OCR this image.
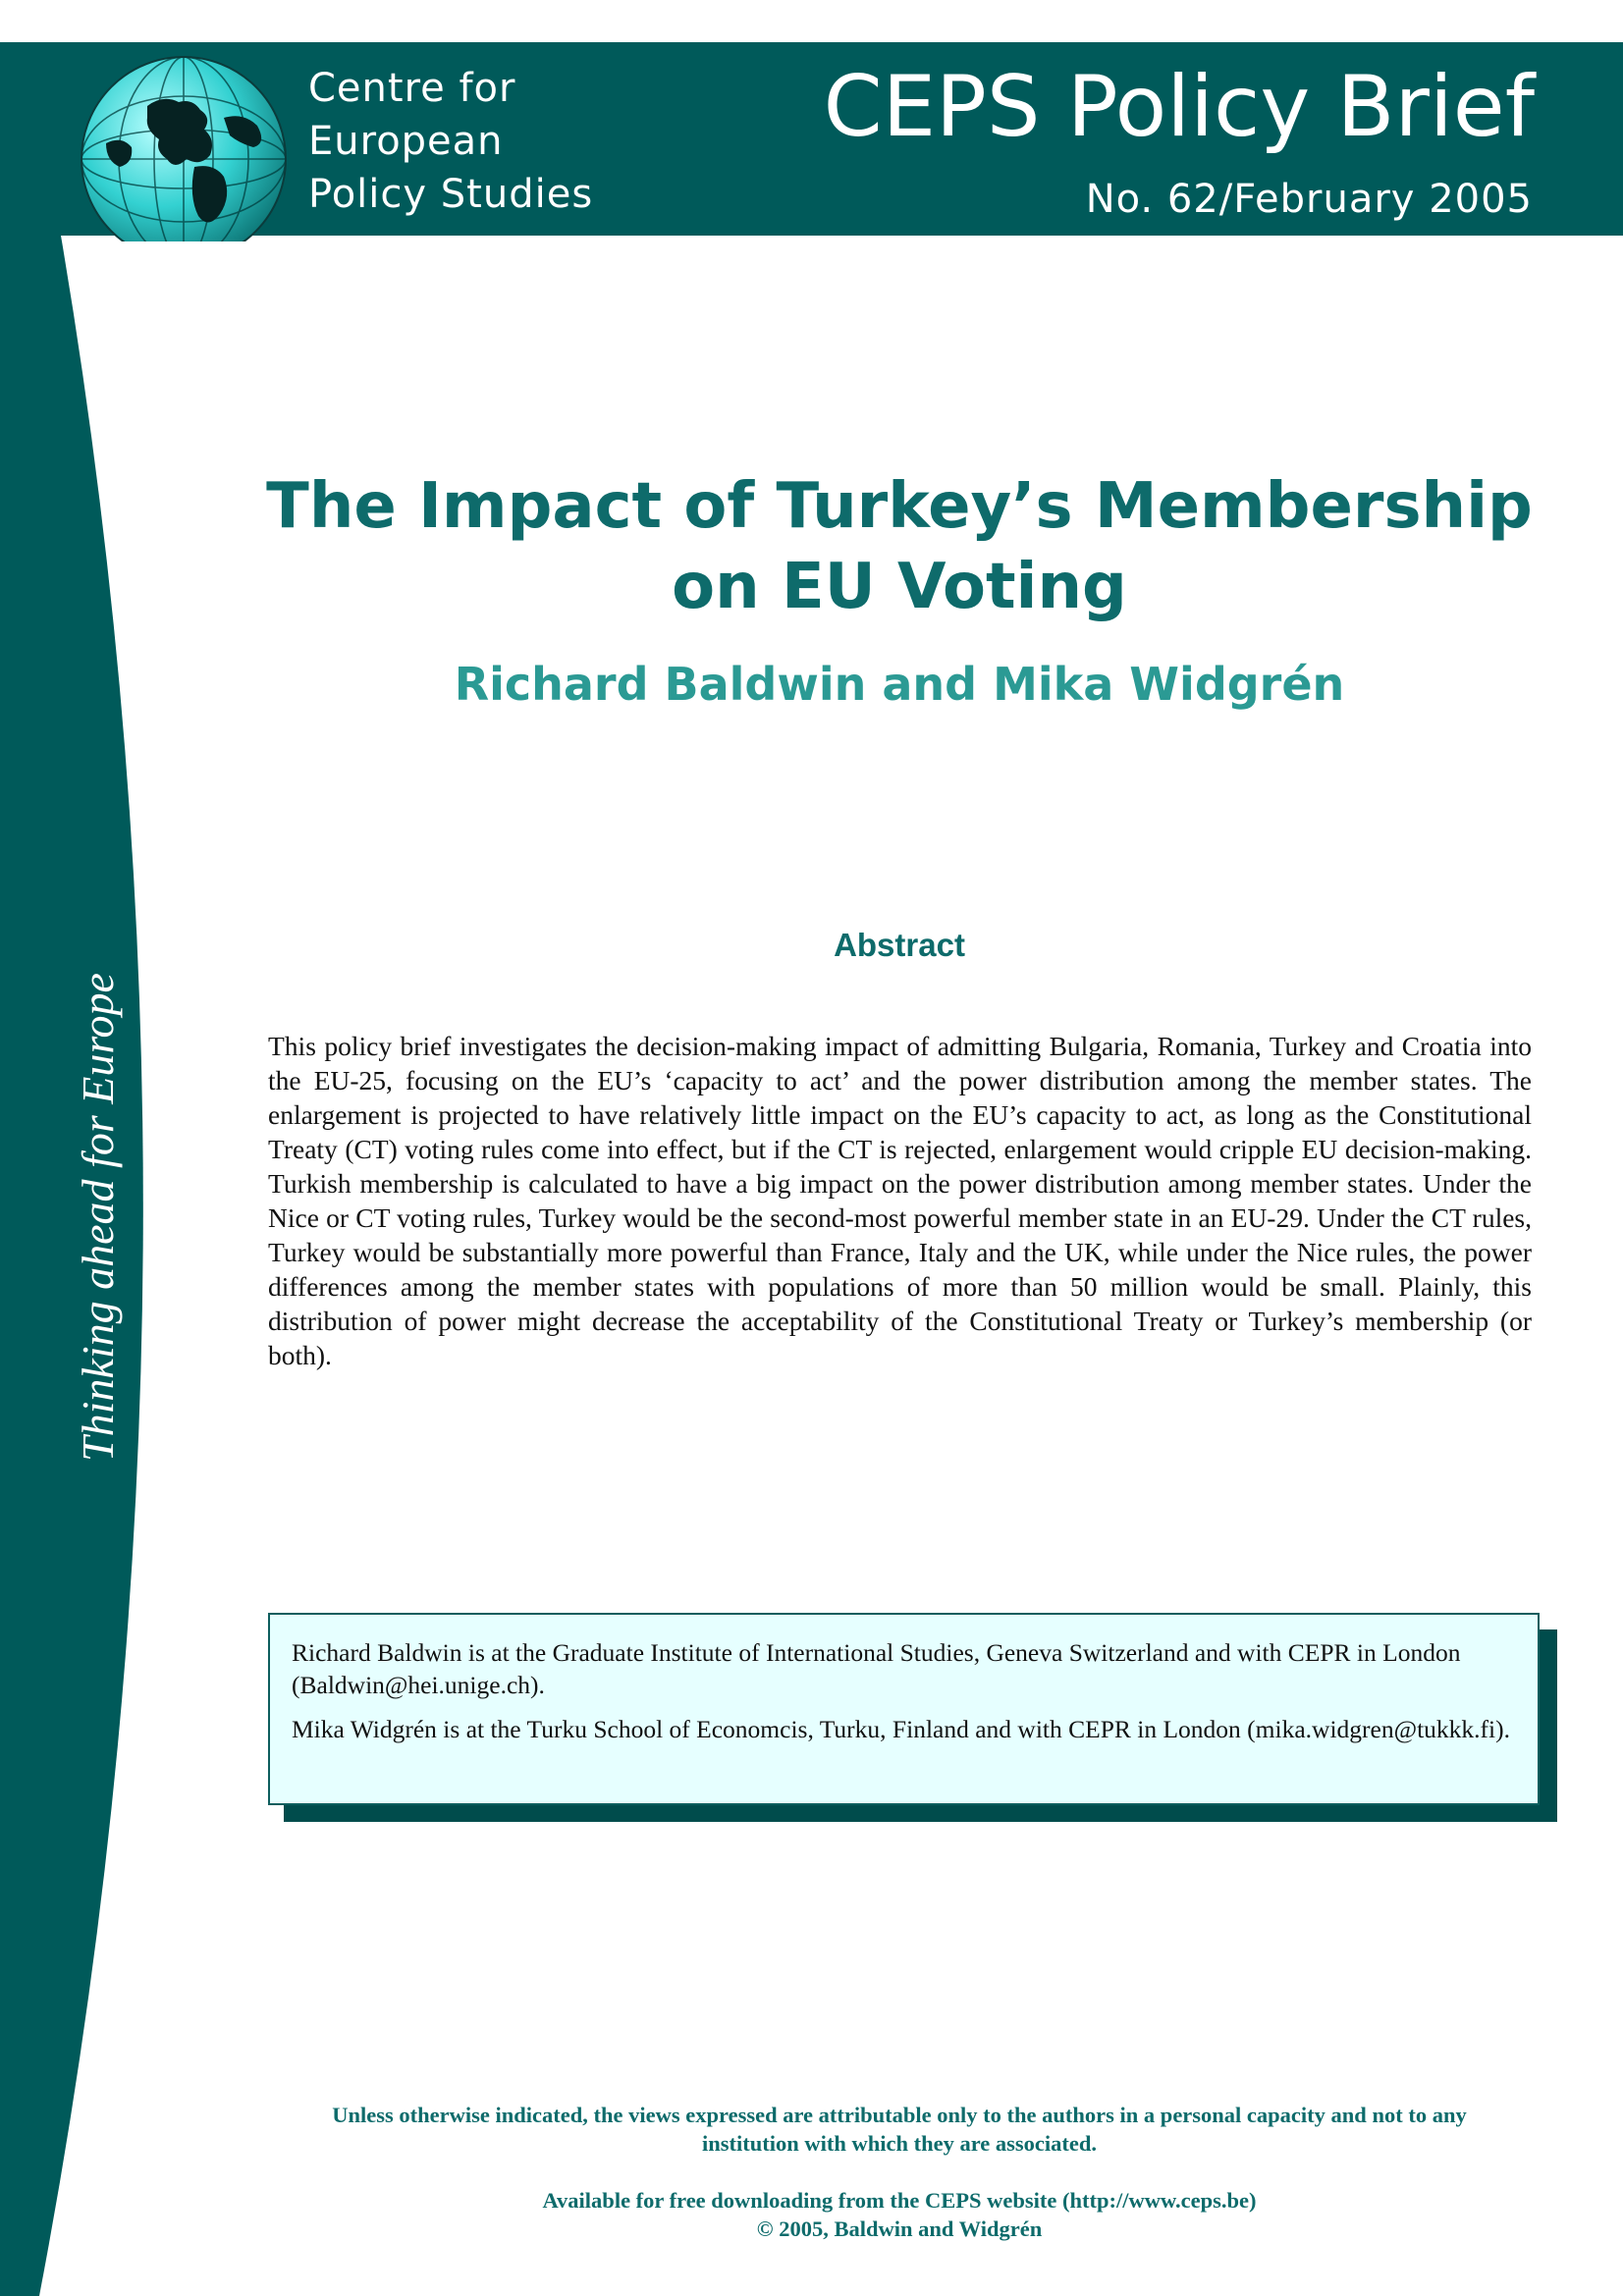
Centre for
European
Policy Studies
CEPS Policy Brief
No. 62/February 2005
Thinking ahead for Europe
The Impact of Turkey’s Membership
on EU Voting
Richard Baldwin and Mika Widgrén
Abstract

This policy brief investigates the decision-making impact of admitting Bulgaria, Romania, Turkey and Croatia into the EU-25, focusing on the EU’s ‘capacity to act’ and the power distribution among the member states. The enlargement is projected to have relatively little impact on the EU’s capacity to act, as long as the Constitutional Treaty (CT) voting rules come into effect, but if the CT is rejected, enlargement would cripple EU decision-making. Turkish membership is calculated to have a big impact on the power distribution among member states. Under the Nice or CT voting rules, Turkey would be the second-most powerful member state in an EU-29. Under the CT rules, Turkey would be substantially more powerful than France, Italy and the UK, while under the Nice rules, the power differences among the member states with populations of more than 50 million would be small. Plainly, this distribution of power might decrease the acceptability of the Constitutional Treaty or Turkey’s membership (or both).

Richard Baldwin is at the Graduate Institute of International Studies, Geneva Switzerland and with CEPR in London (Baldwin@hei.unige.ch).

Mika Widgrén is at the Turku School of Economcis, Turku, Finland and with CEPR in London (mika.widgren@tukkk.fi).

Unless otherwise indicated, the views expressed are attributable only to the authors in a personal capacity and not to any
institution with which they are associated.

Available for free downloading from the CEPS website (http://www.ceps.be)
© 2005, Baldwin and Widgrén
